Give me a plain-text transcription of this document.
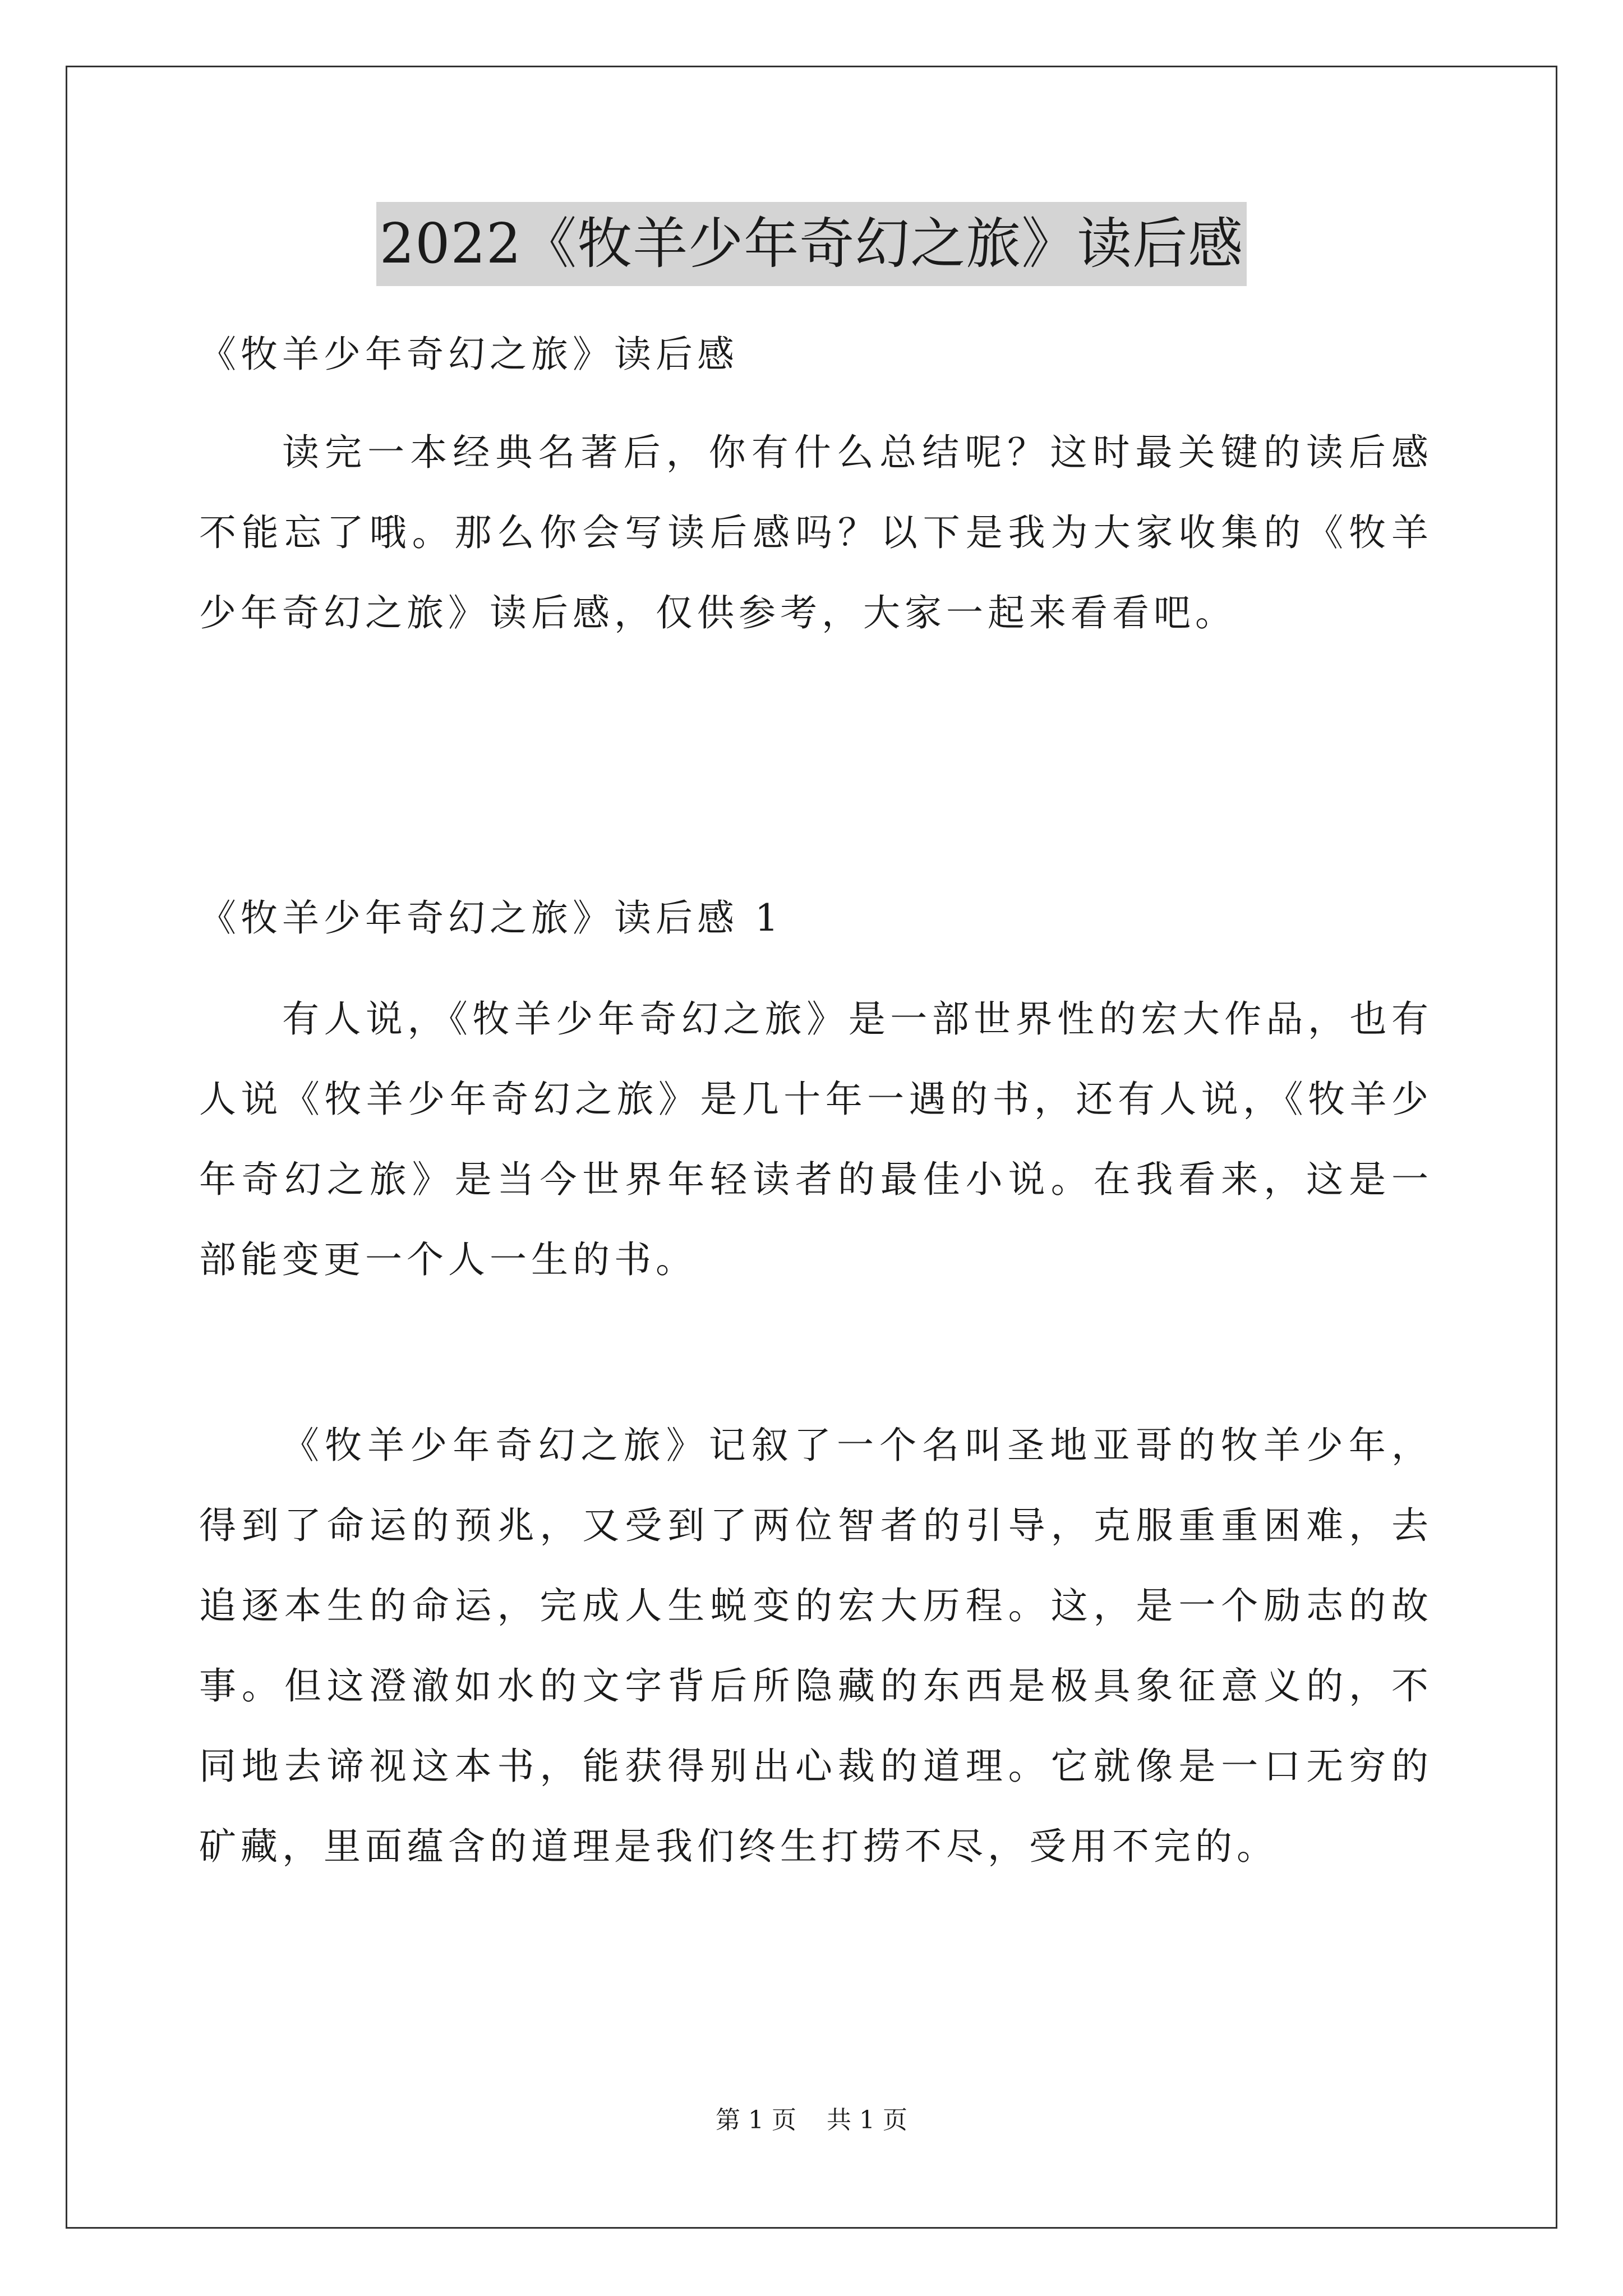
2022《牧羊少年奇幻之旅》读后感
《牧羊少年奇幻之旅》读后感
读完一本经典名著后，你有什么总结呢？这时最关键的读后感不能忘了哦。那么你会写读后感吗？以下是我为大家收集的《牧羊少年奇幻之旅》读后感，仅供参考，大家一起来看看吧。
《牧羊少年奇幻之旅》读后感 1
有人说，《牧羊少年奇幻之旅》是一部世界性的宏大作品，也有人说《牧羊少年奇幻之旅》是几十年一遇的书，还有人说，《牧羊少年奇幻之旅》是当今世界年轻读者的最佳小说。在我看来，这是一部能变更一个人一生的书。
《牧羊少年奇幻之旅》记叙了一个名叫圣地亚哥的牧羊少年，得到了命运的预兆，又受到了两位智者的引导，克服重重困难，去追逐本生的命运，完成人生蜕变的宏大历程。这，是一个励志的故事。但这澄澈如水的文字背后所隐藏的东西是极具象征意义的，不同地去谛视这本书，能获得别出心裁的道理。它就像是一口无穷的矿藏，里面蕴含的道理是我们终生打捞不尽，受用不完的。
第 1 页 共 1 页
